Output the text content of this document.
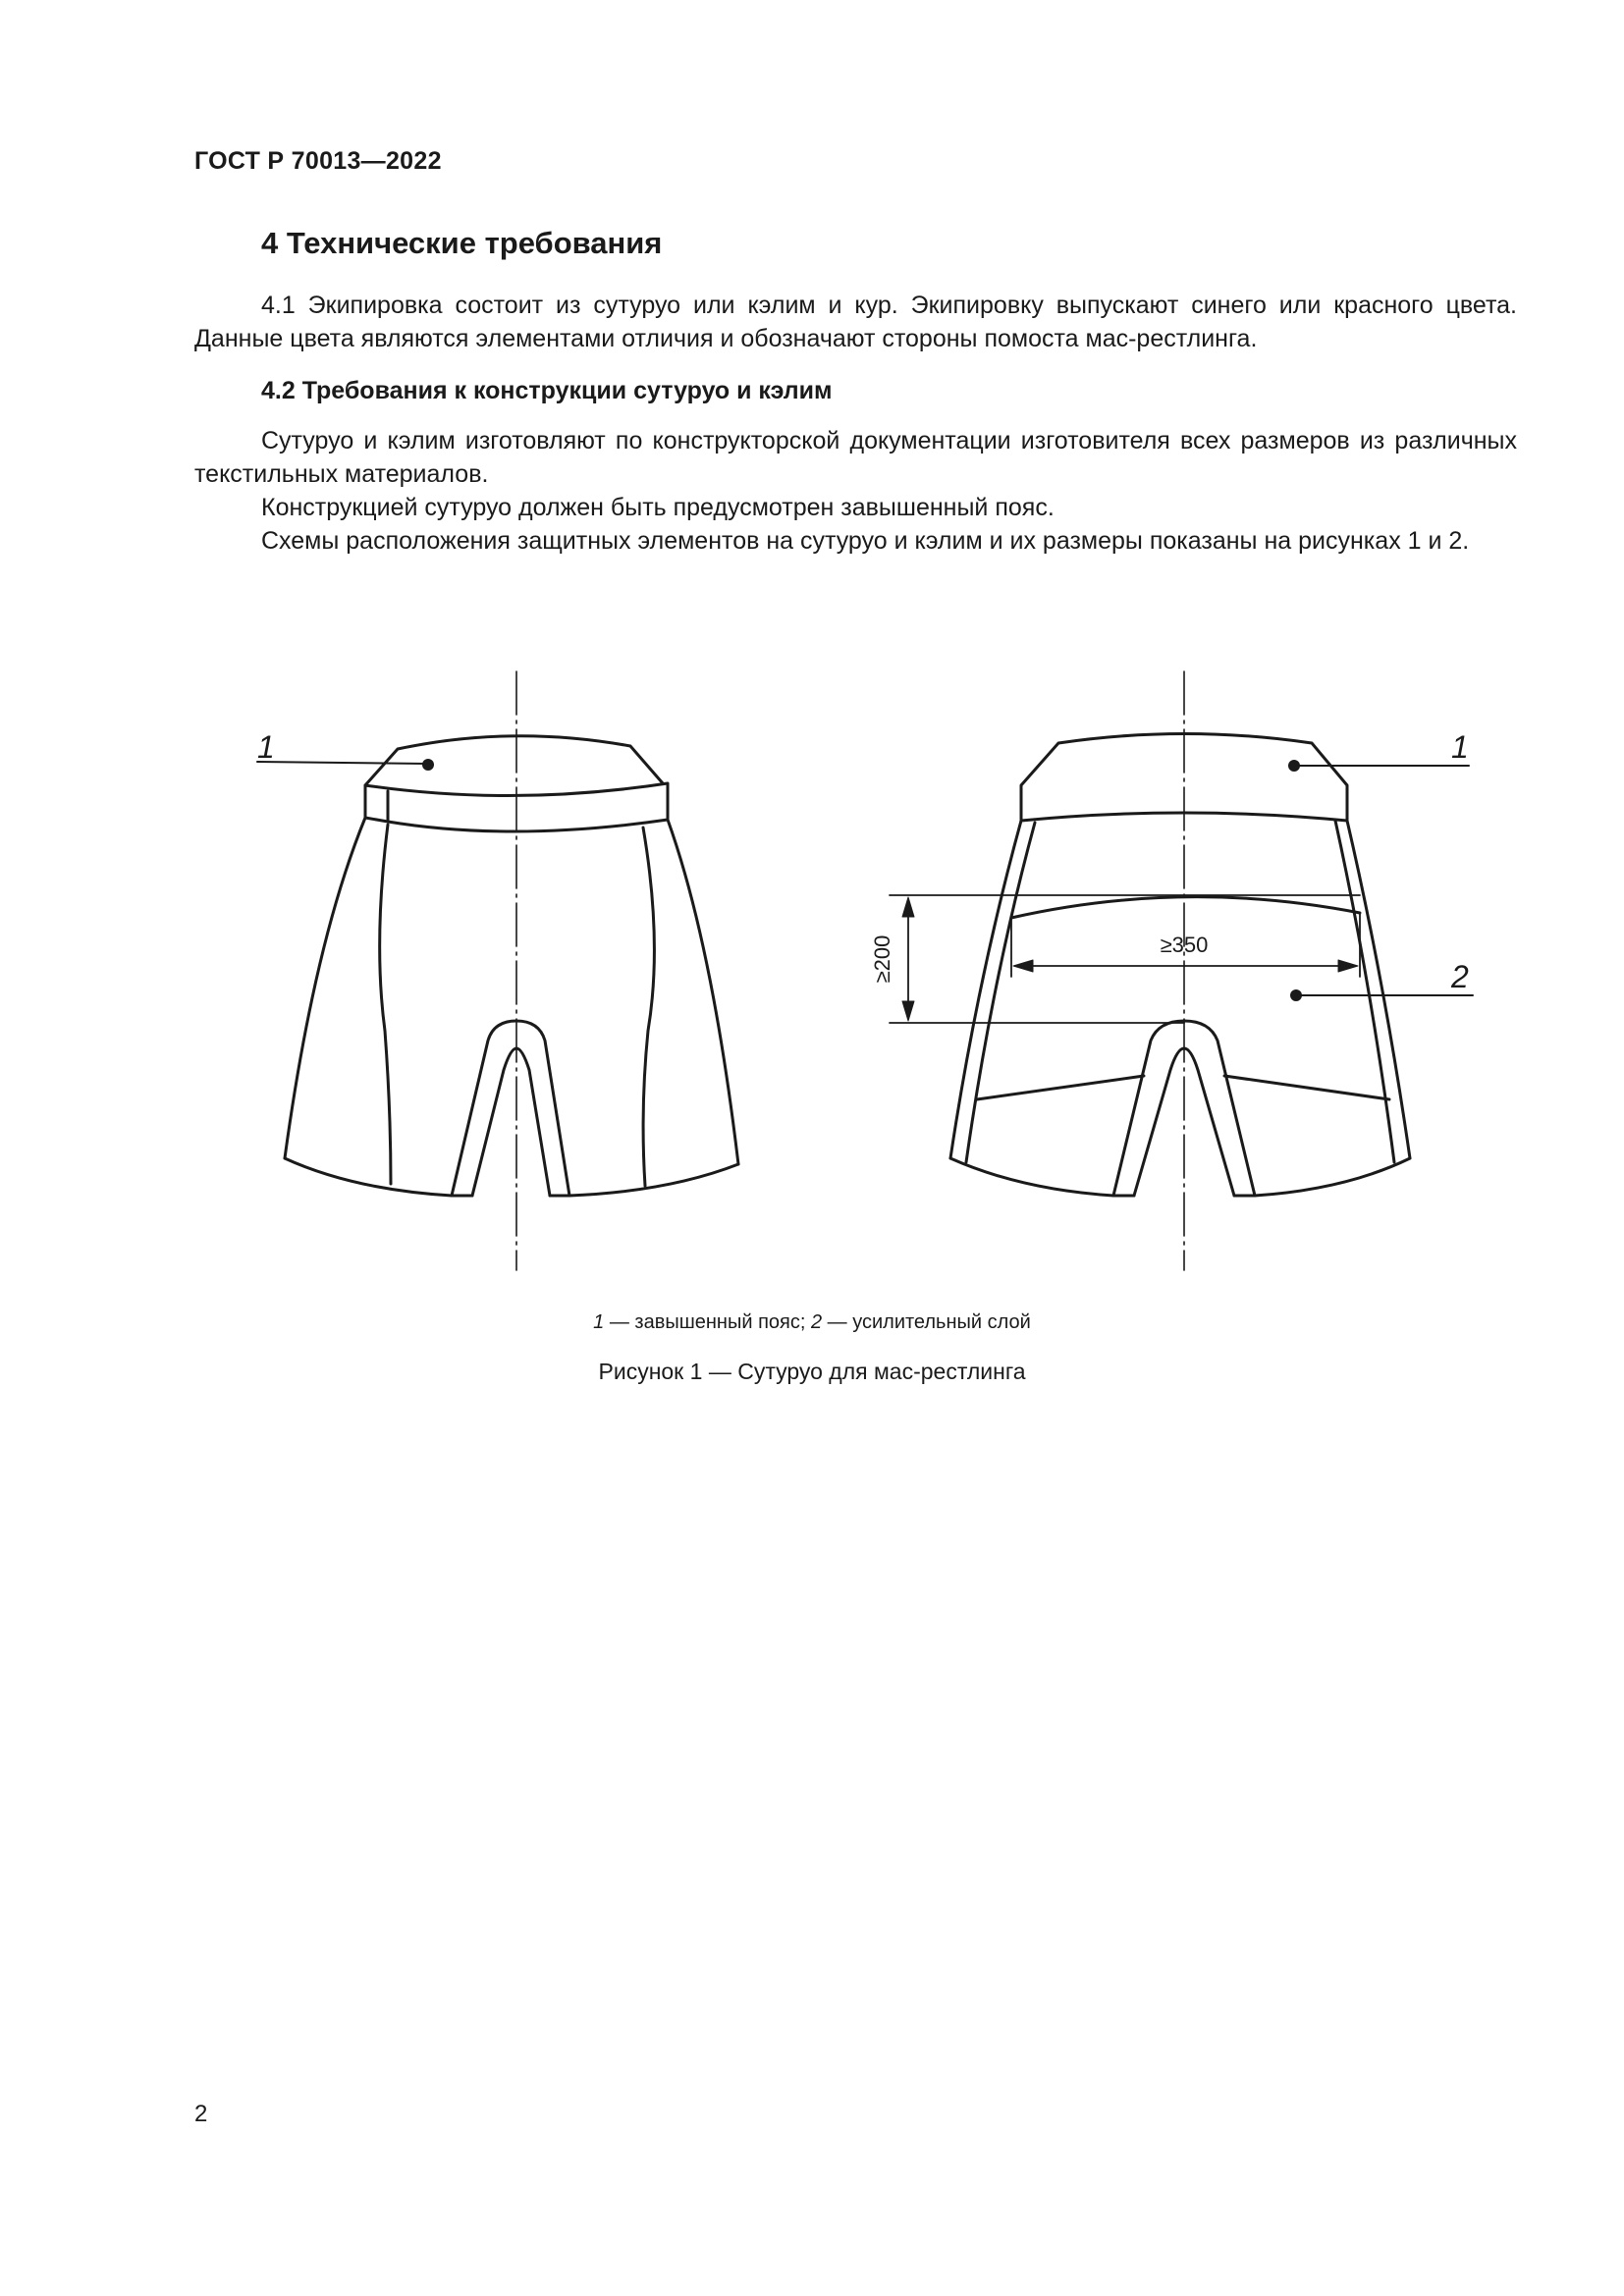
ГОСТ Р 70013—2022
4 Технические требования
4.1 Экипировка состоит из сутуруо или кэлим и кур. Экипировку выпускают синего или красного цвета. Данные цвета являются элементами отличия и обозначают стороны помоста мас-рестлинга.
4.2 Требования к конструкции сутуруо и кэлим
Сутуруо и кэлим изготовляют по конструкторской документации изготовителя всех размеров из различных текстильных материалов.
Конструкцией сутуруо должен быть предусмотрен завышенный пояс.
Схемы расположения защитных элементов на сутуруо и кэлим и их размеры показаны на рисунках 1 и 2.
1	1
2
≥350
≥200
1 — завышенный пояс; 2 — усилительный слой
Рисунок 1 — Сутуруо для мас-рестлинга
2
